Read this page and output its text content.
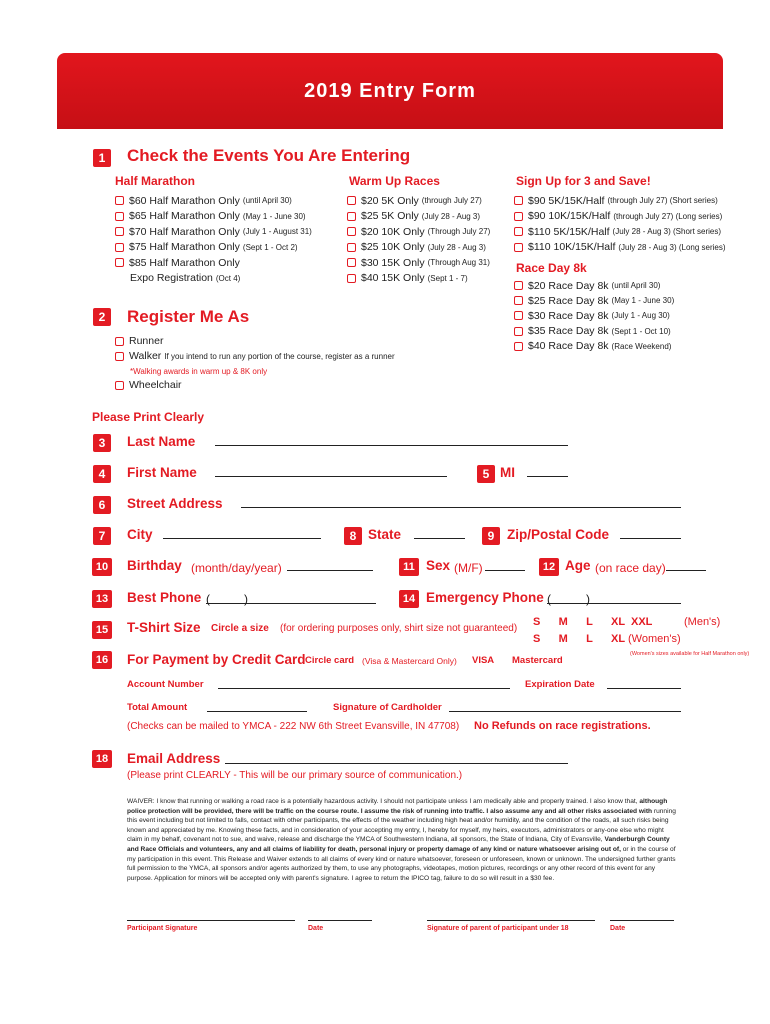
2019 Entry Form
1	Check the Events You Are Entering
Half Marathon
$60 Half Marathon Only (until April 30)
$65 Half Marathon Only (May 1 - June 30)
$70 Half Marathon Only (July 1 - August 31)
$75 Half Marathon Only (Sept 1 - Oct 2)
$85 Half Marathon Only
Expo Registration (Oct 4)
Warm Up Races
$20 5K Only (through July 27)
$25 5K Only (July 28 - Aug 3)
$20 10K Only (Through July 27)
$25 10K Only (July 28 - Aug 3)
$30 15K Only (Through Aug 31)
$40 15K Only (Sept 1 - 7)
Sign Up for 3 and Save!
$90 5K/15K/Half (through July 27) (Short series)
$90 10K/15K/Half (through July 27) (Long series)
$110 5K/15K/Half (July 28 - Aug 3) (Short series)
$110 10K/15K/Half (July 28 - Aug 3) (Long series)
Race Day 8k
$20 Race Day 8k (until April 30)
$25 Race Day 8k (May 1 - June 30)
$30 Race Day 8k (July 1 - Aug 30)
$35 Race Day 8k (Sept 1 - Oct 10)
$40 Race Day 8k (Race Weekend)
2	Register Me As
Runner
Walker If you intend to run any portion of the course, register as a runner
*Walking awards in warm up & 8K only
Wheelchair
Please Print Clearly
3	Last Name
4	First Name	5 MI
6	Street Address
7	City	8 State	9 Zip/Postal Code
10 Birthday (month/day/year)	11 Sex (M/F)	12 Age (on race day)
13 Best Phone (	)	14 Emergency Phone (	)
15 T-Shirt Size Circle a size (for ordering purposes only, shirt size not guaranteed)
S      M      L      XL  XXL	(Men's)
S      M      L      XL (Women's)
(Women's sizes available for Half Marathon only)
16 For Payment by Credit Card Circle card (Visa & Mastercard Only) VISA Mastercard
Account Number	Expiration Date
Total Amount	Signature of Cardholder
(Checks can be mailed to YMCA - 222 NW 6th Street Evansville, IN 47708) No Refunds on race registrations.
18 Email Address
(Please print CLEARLY - This will be our primary source of communication.)
WAIVER: I know that running or walking a road race is a potentially hazardous activity. I should not participate unless I am medically able and properly trained. I also know that, although police protection will be provided, there will be traffic on the course route. I assume the risk of running into traffic. I also assume any and all other risks associated with running this event including but not limited to falls, contact with other participants, the effects of the weather including high heat and/or humidity, and the condition of the roads, all such risks being known and appreciated by me. Knowing these facts, and in consideration of your accepting my entry, I, hereby for myself, my heirs, executors, administrators or any-one else who might claim in my behalf, covenant not to sue, and waive, release and discharge the YMCA of Southwestern Indiana, all sponsors, the State of Indiana, City of Evansville, Vanderburgh County and Race Officials and volunteers, any and all claims of liability for death, personal injury or property damage of any kind or nature whatsoever arising out of, or in the course of my participation in this event. This Release and Waiver extends to all claims of every kind or nature whatsoever, foreseen or unforeseen, known or unknown. The undersigned further grants full permission to the YMCA, all sponsors and/or agents authorized by them, to use any photographs, videotapes, motion pictures, recordings or any other record of this event for any purpose. Application for minors will be accepted only with parent's signature. I agree to return the IPICO tag, failure to do so will result in a $30 fee.
Participant Signature	Date	Signature of parent of participant under 18	Date
